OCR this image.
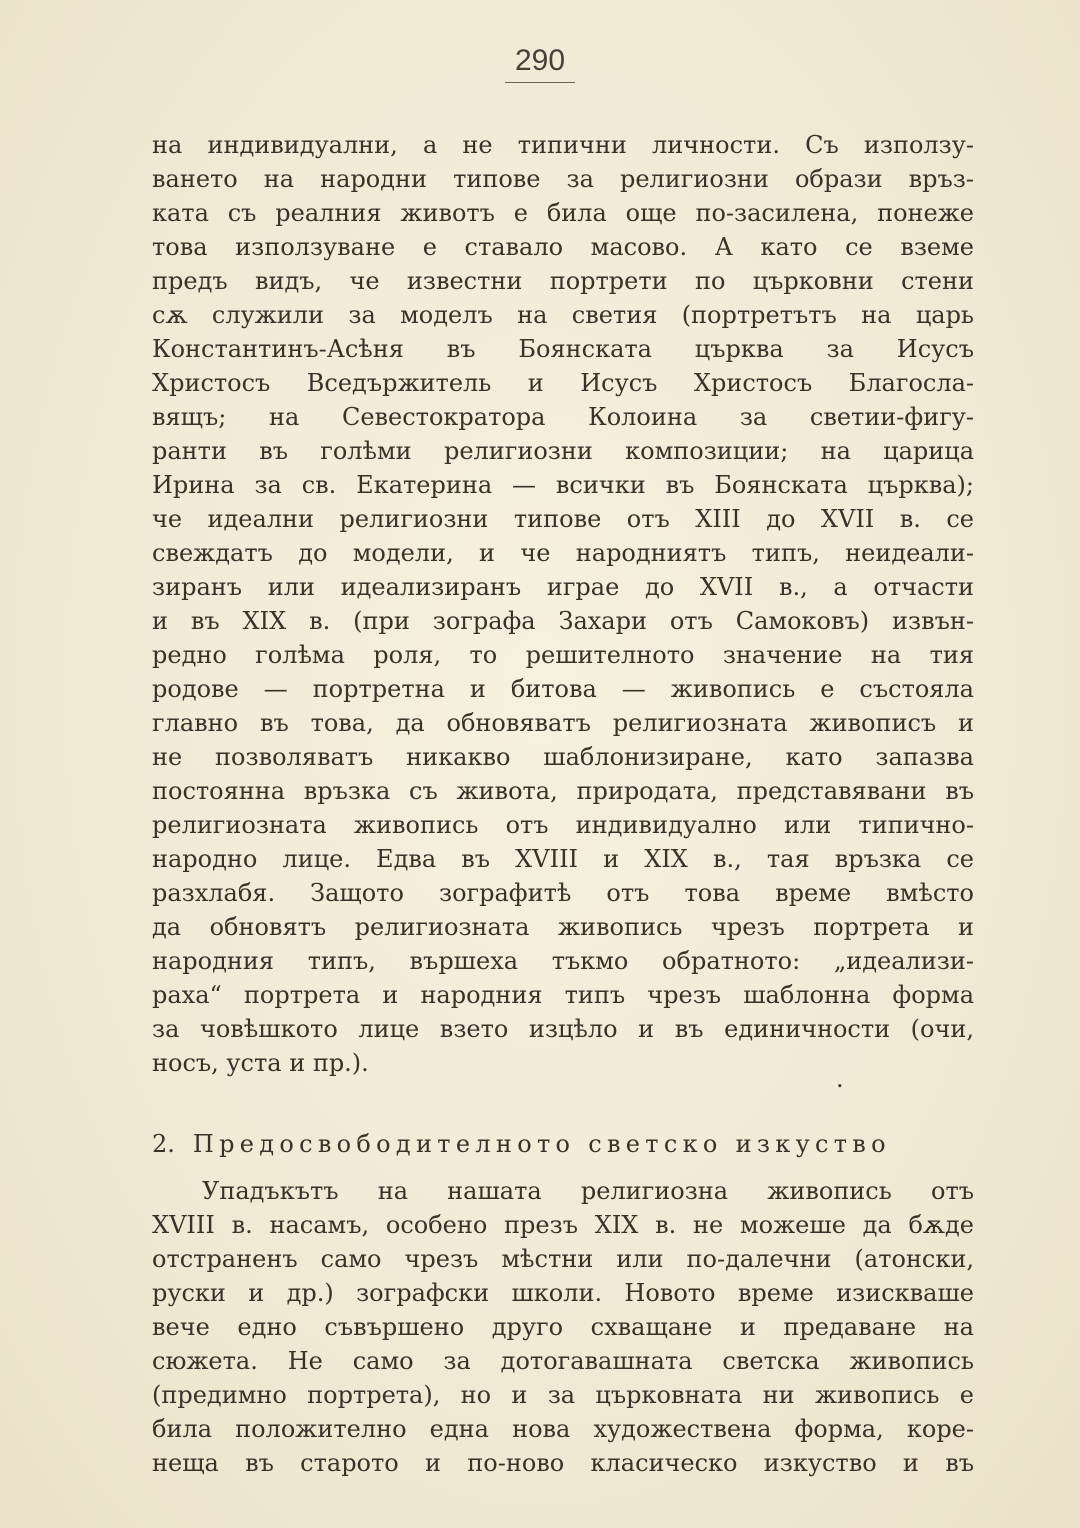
290
на индивидуални, а не типични личности. Съ използу-
ването на народни типове за религиозни образи връз-
ката съ реалния животъ е била още по-засилена, понеже
това използуване е ставало масово. А като се вземе
предъ видъ, че известни портрети по църковни стени
сѫ служили за моделъ на светия (портретътъ на царь
Константинъ-Асѣня въ Боянската църква за Исусъ
Христосъ Вседържитель и Исусъ Христосъ Благосла-
вящъ; на Севестократора Колоина за светии-фигу-
ранти въ голѣми религиозни композиции; на царица
Ирина за св. Екатерина — всички въ Боянската църква);
че идеални религиозни типове отъ XIII до XVII в. се
свеждатъ до модели, и че народниятъ типъ, неидеали-
зиранъ или идеализиранъ играе до XVII в., а отчасти
и въ XIX в. (при зографа Захари отъ Самоковъ) извън-
редно голѣма роля, то решителното значение на тия
родове — портретна и битова — живопись е състояла
главно въ това, да обновяватъ религиозната живописъ и
не позволяватъ никакво шаблонизиране, като запазва
постоянна връзка съ живота, природата, представявани въ
религиозната живопись отъ индивидуално или типично-
народно лице. Едва въ XVIII и XIX в., тая връзка се
разхлабя. Защото зографитѣ отъ това време вмѣсто
да обновятъ религиозната живопись чрезъ портрета и
народния типъ, вършеха тъкмо обратното: „идеализи-
раха“ портрета и народния типъ чрезъ шаблонна форма
за човѣшкото лице взето изцѣло и въ единичности (очи,
носъ, уста и пр.).
.
2. Предосвободителното светско изкуство
Упадъкътъ на нашата религиозна живопись отъ
XVIII в. насамъ, особено презъ XIX в. не можеше да бѫде
отстраненъ само чрезъ мѣстни или по-далечни (атонски,
руски и др.) зографски школи. Новото време изискваше
вече едно съвършено друго схващане и предаване на
сюжета. Не само за дотогавашната светска живопись
(предимно портрета), но и за църковната ни живопись е
била положително една нова художествена форма, коре-
неща въ старото и по-ново класическо изкуство и въ
